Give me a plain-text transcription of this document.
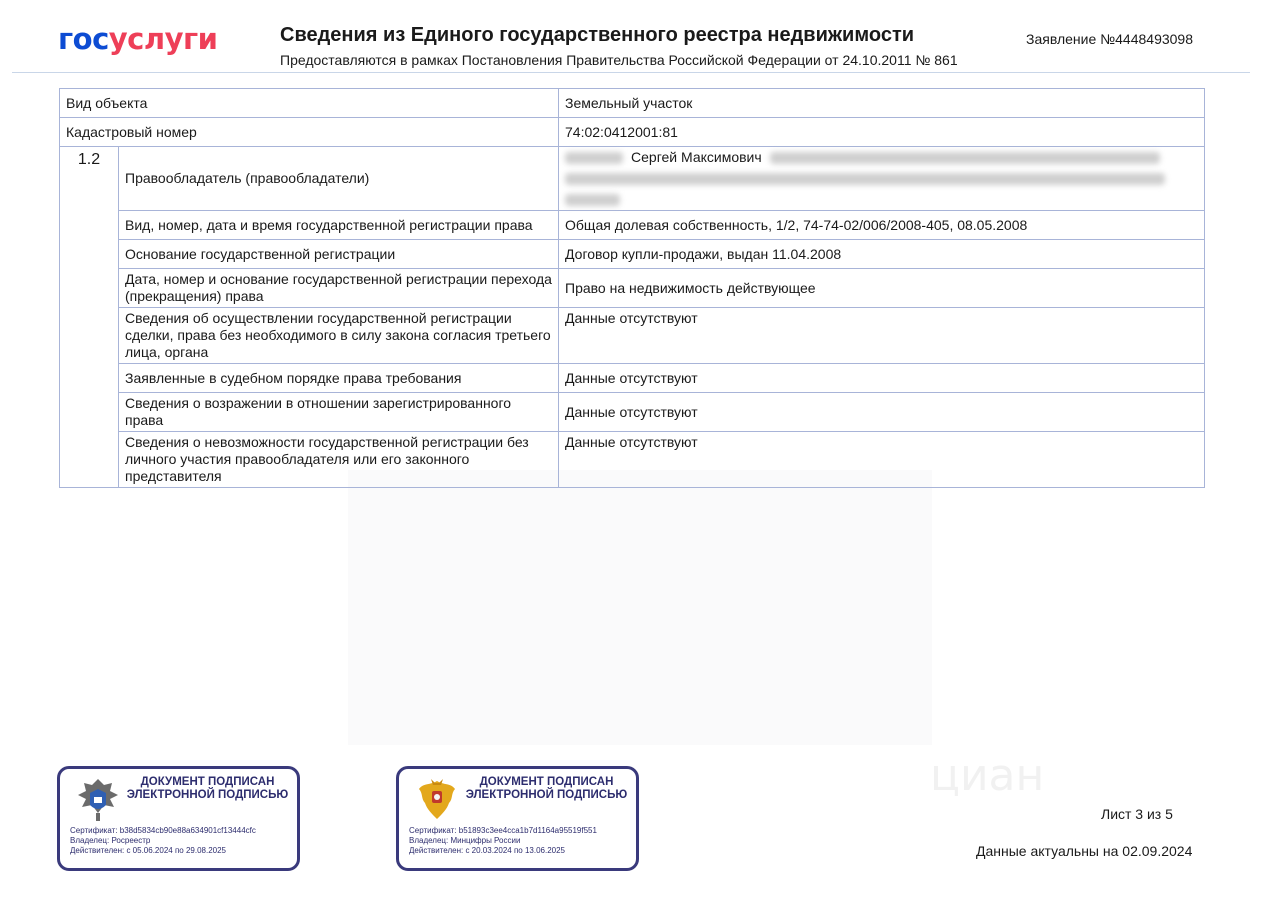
госуслуги	Сведения из Единого государственного реестра недвижимости
Предоставляются в рамках Постановления Правительства Российской Федерации от 24.10.2011 № 861
Заявление №4448493098
циан
Вид объекта		Земельный участок
Кадастровый номер		74:02:0412001:81
1.2	Правообладатель (правообладатели)	Сергей Максимович

	Вид, номер, дата и время государственной регистрации права	Общая долевая собственность, 1/2, 74-74-02/006/2008-405, 08.05.2008
	Основание государственной регистрации	Договор купли-продажи, выдан 11.04.2008
	Дата, номер и основание государственной регистрации перехода (прекращения) права	Право на недвижимость действующее
	Сведения об осуществлении государственной регистрации сделки, права без необходимого в силу закона согласия третьего лица, органа	Данные отсутствуют
	Заявленные в судебном порядке права требования	Данные отсутствуют
	Сведения о возражении в отношении зарегистрированного права	Данные отсутствуют
	Сведения о невозможности государственной регистрации без личного участия правообладателя или его законного представителя	Данные отсутствуют
ДОКУМЕНТ ПОДПИСАН ЭЛЕКТРОННОЙ ПОДПИСЬЮ
Сертификат: b38d5834cb90e88a634901cf13444cfc
Владелец: Росреестр
Действителен: с 05.06.2024 по 29.08.2025
ДОКУМЕНТ ПОДПИСАН ЭЛЕКТРОННОЙ ПОДПИСЬЮ
Сертификат: b51893c3ee4cca1b7d1164a95519f551
Владелец: Минцифры России
Действителен: с 20.03.2024 по 13.06.2025
Лист 3 из 5
Данные актуальны на 02.09.2024
